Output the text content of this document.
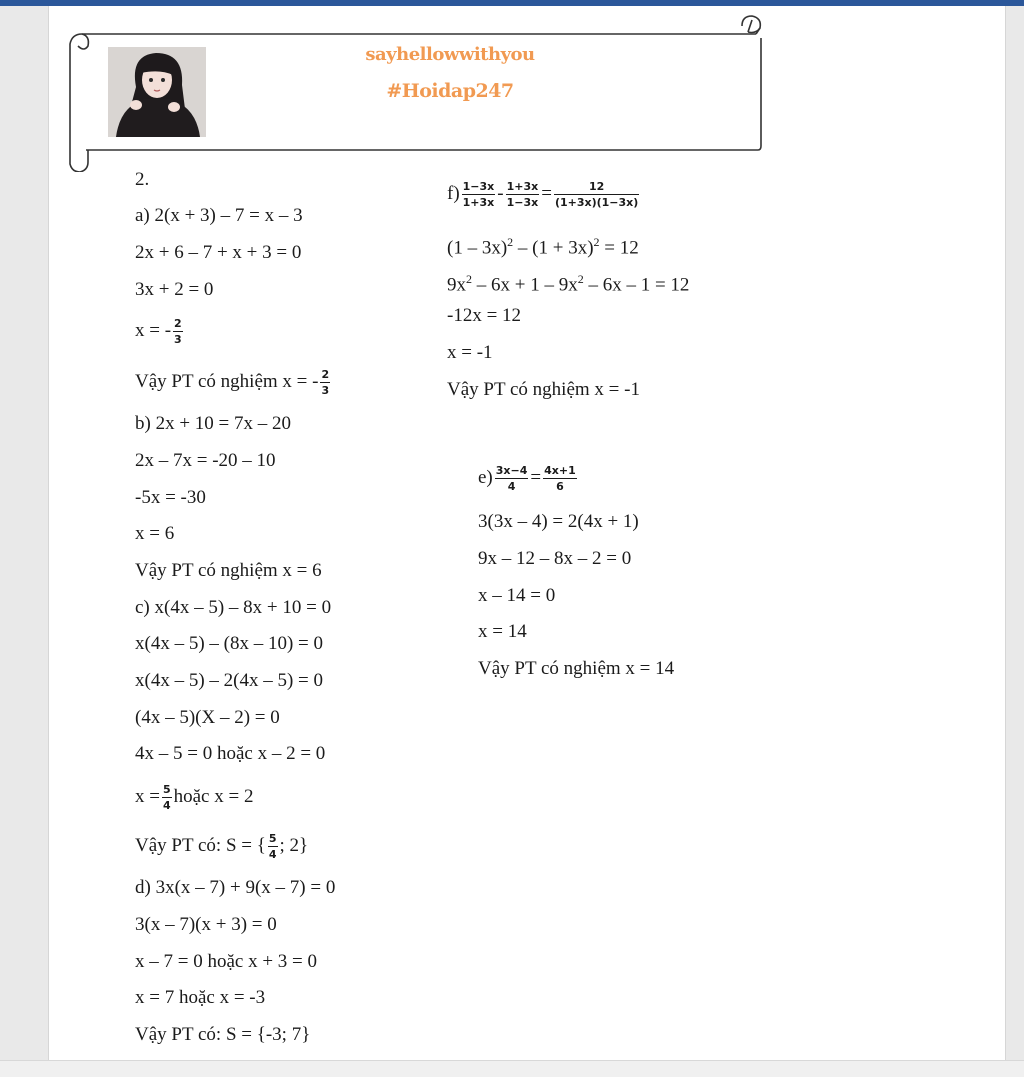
sayhellowwithyou
#Hoidap247
2.
a) 2(x + 3) – 7 = x – 3
2x + 6 – 7 + x + 3 = 0
3x + 2 = 0
x = - $\frac{2}{3}$
Vậy PT có nghiệm x = - $\frac{2}{3}$
b) 2x + 10 = 7x – 20
2x – 7x = -20 – 10
-5x = -30
x = 6
Vậy PT có nghiệm x = 6
c) x(4x – 5) – 8x + 10 = 0
x(4x – 5) – (8x – 10) = 0
x(4x – 5) – 2(4x – 5) = 0
(4x – 5)(X – 2) = 0
4x – 5 = 0 hoặc x – 2 = 0
$x = \frac{5}{4}$ hoặc x = 2
Vậy PT có: S = { $\frac{5}{4}$ ; 2}
d) 3x(x – 7) + 9(x – 7) = 0
3(x – 7)(x + 3) = 0
x – 7 = 0 hoặc x + 3 = 0
x = 7 hoặc x = -3
Vậy PT có: S = {-3; 7}
$f) \frac{1-3x}{1+3x} - \frac{1+3x}{1-3x} = \frac{12}{(1+3x)(1-3x)}$
$(1 - 3x)^2 - (1 + 3x)^2 = 12$
$9x^2 - 6x + 1 - 9x^2 - 6x - 1 = 12$
-12x = 12
x = -1
Vậy PT có nghiệm x = -1
$e) \frac{3x-4}{4} = \frac{4x+1}{6}$
3(3x – 4) = 2(4x + 1)
9x – 12 – 8x – 2 = 0
x – 14 = 0
x = 14
Vậy PT có nghiệm x = 14
